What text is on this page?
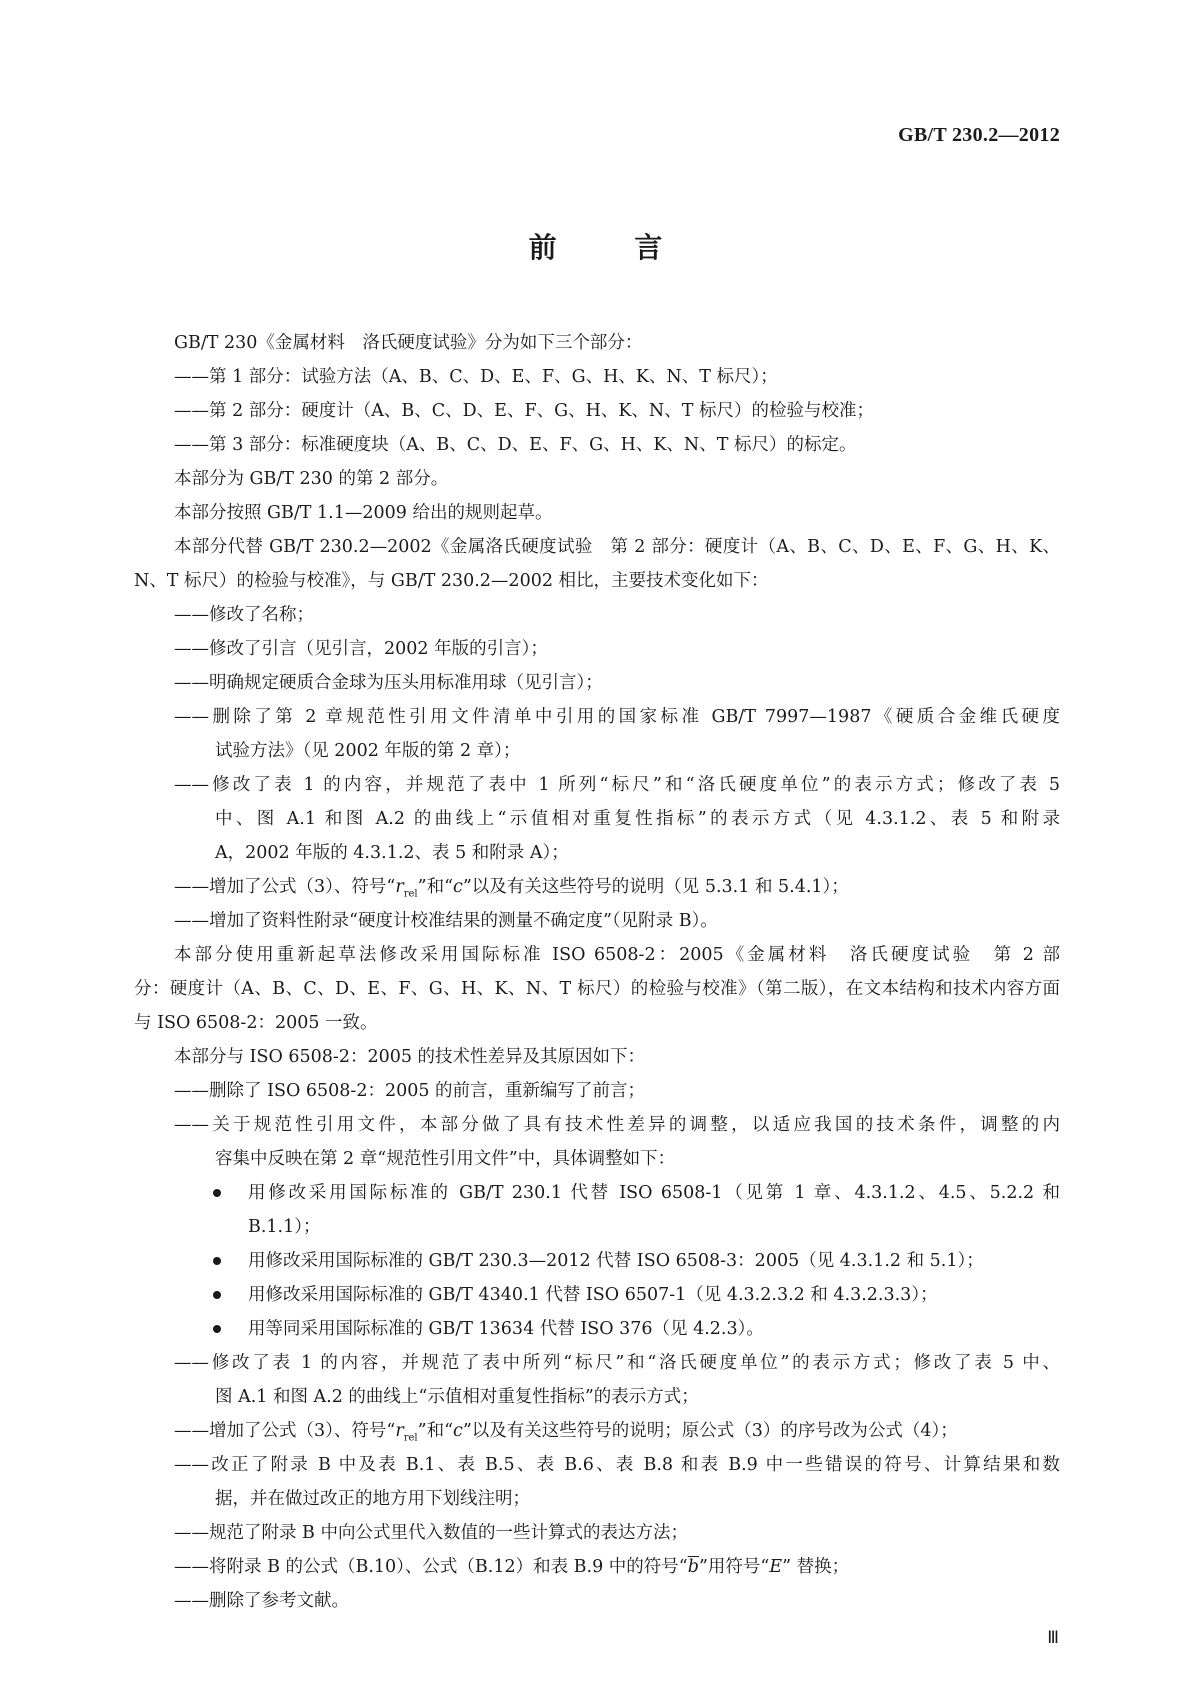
GB/T 230.2—2012
前 言
GB/T 230《金属材料　洛氏硬度试验》分为如下三个部分：
——第 1 部分：试验方法（A、B、C、D、E、F、G、H、K、N、T 标尺）；
——第 2 部分：硬度计（A、B、C、D、E、F、G、H、K、N、T 标尺）的检验与校准；
——第 3 部分：标准硬度块（A、B、C、D、E、F、G、H、K、N、T 标尺）的标定。
本部分为 GB/T 230 的第 2 部分。
本部分按照 GB/T 1.1—2009 给出的规则起草。
本部分代替 GB/T 230.2—2002《金属洛氏硬度试验　第 2 部分：硬度计（A、B、C、D、E、F、G、H、K、
N、T 标尺）的检验与校准》，与 GB/T 230.2—2002 相比，主要技术变化如下：
——修改了名称；
——修改了引言（见引言，2002 年版的引言）；
——明确规定硬质合金球为压头用标准用球（见引言）；
——删除了第 2 章规范性引用文件清单中引用的国家标准 GB/T 7997—1987《硬质合金维氏硬度
试验方法》（见 2002 年版的第 2 章）；
——修改了表 1 的内容，并规范了表中 1 所列“标尺”和“洛氏硬度单位”的表示方式；修改了表 5
中、图 A.1 和图 A.2 的曲线上“示值相对重复性指标”的表示方式（见 4.3.1.2、表 5 和附录
A，2002 年版的 4.3.1.2、表 5 和附录 A）；
——增加了公式（3）、符号“$r_{rel}$”和“c”以及有关这些符号的说明（见 5.3.1 和 5.4.1）；
——增加了资料性附录“硬度计校准结果的测量不确定度”（见附录 B）。
本部分使用重新起草法修改采用国际标准 ISO 6508-2：2005《金属材料　洛氏硬度试验　第 2 部
分：硬度计（A、B、C、D、E、F、G、H、K、N、T 标尺）的检验与校准》（第二版），在文本结构和技术内容方面
与 ISO 6508-2：2005 一致。
本部分与 ISO 6508-2：2005 的技术性差异及其原因如下：
——删除了 ISO 6508-2：2005 的前言，重新编写了前言；
——关于规范性引用文件，本部分做了具有技术性差异的调整，以适应我国的技术条件，调整的内
容集中反映在第 2 章“规范性引用文件”中，具体调整如下：
用修改采用国际标准的 GB/T 230.1 代替 ISO 6508-1（见第 1 章、4.3.1.2、4.5、5.2.2 和
B.1.1）；
用修改采用国际标准的 GB/T 230.3—2012 代替 ISO 6508-3：2005（见 4.3.1.2 和 5.1）；
用修改采用国际标准的 GB/T 4340.1 代替 ISO 6507-1（见 4.3.2.3.2 和 4.3.2.3.3）；
用等同采用国际标准的 GB/T 13634 代替 ISO 376（见 4.2.3）。
——修改了表 1 的内容，并规范了表中所列“标尺”和“洛氏硬度单位”的表示方式；修改了表 5 中、
图 A.1 和图 A.2 的曲线上“示值相对重复性指标”的表示方式；
——增加了公式（3）、符号“$r_{rel}$”和“c”以及有关这些符号的说明；原公式（3）的序号改为公式（4）；
——改正了附录 B 中及表 B.1、表 B.5、表 B.6、表 B.8 和表 B.9 中一些错误的符号、计算结果和数
据，并在做过改正的地方用下划线注明；
——规范了附录 B 中向公式里代入数值的一些计算式的表达方法；
——将附录 B 的公式（B.10）、公式（B.12）和表 B.9 中的符号“$\overline{b}$”用符号“E” 替换；
——删除了参考文献。
Ⅲ
